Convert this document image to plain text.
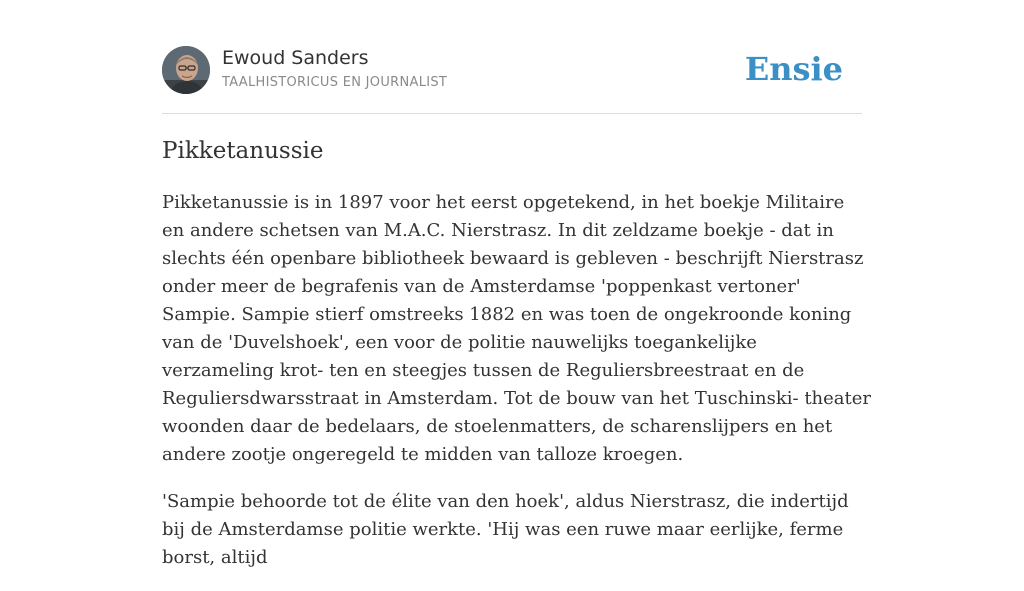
Ewoud Sanders
TAALHISTORICUS EN JOURNALIST	Ensie
Pikketanussie

Pikketanussie is in 1897 voor het eerst opgetekend, in het boekje Militaire en andere schetsen van M.A.C. Nierstrasz. In dit zeldzame boekje - dat in slechts één openbare bibliotheek bewaard is gebleven - beschrijft Nierstrasz onder meer de begrafenis van de Amsterdamse 'poppenkast vertoner' Sampie. Sampie stierf omstreeks 1882 en was toen de ongekroonde koning van de 'Duvelshoek', een voor de politie nauwelijks toegankelijke verzameling krot- ten en steegjes tussen de Reguliersbreestraat en de Reguliersdwarsstraat in Amsterdam. Tot de bouw van het Tuschinski- theater woonden daar de bedelaars, de stoelenmatters, de scharenslijpers en het andere zootje ongeregeld te midden van talloze kroegen.

'Sampie behoorde tot de élite van den hoek', aldus Nierstrasz, die indertijd bij de Amsterdamse politie werkte. 'Hij was een ruwe maar eerlijke, ferme borst, altijd
